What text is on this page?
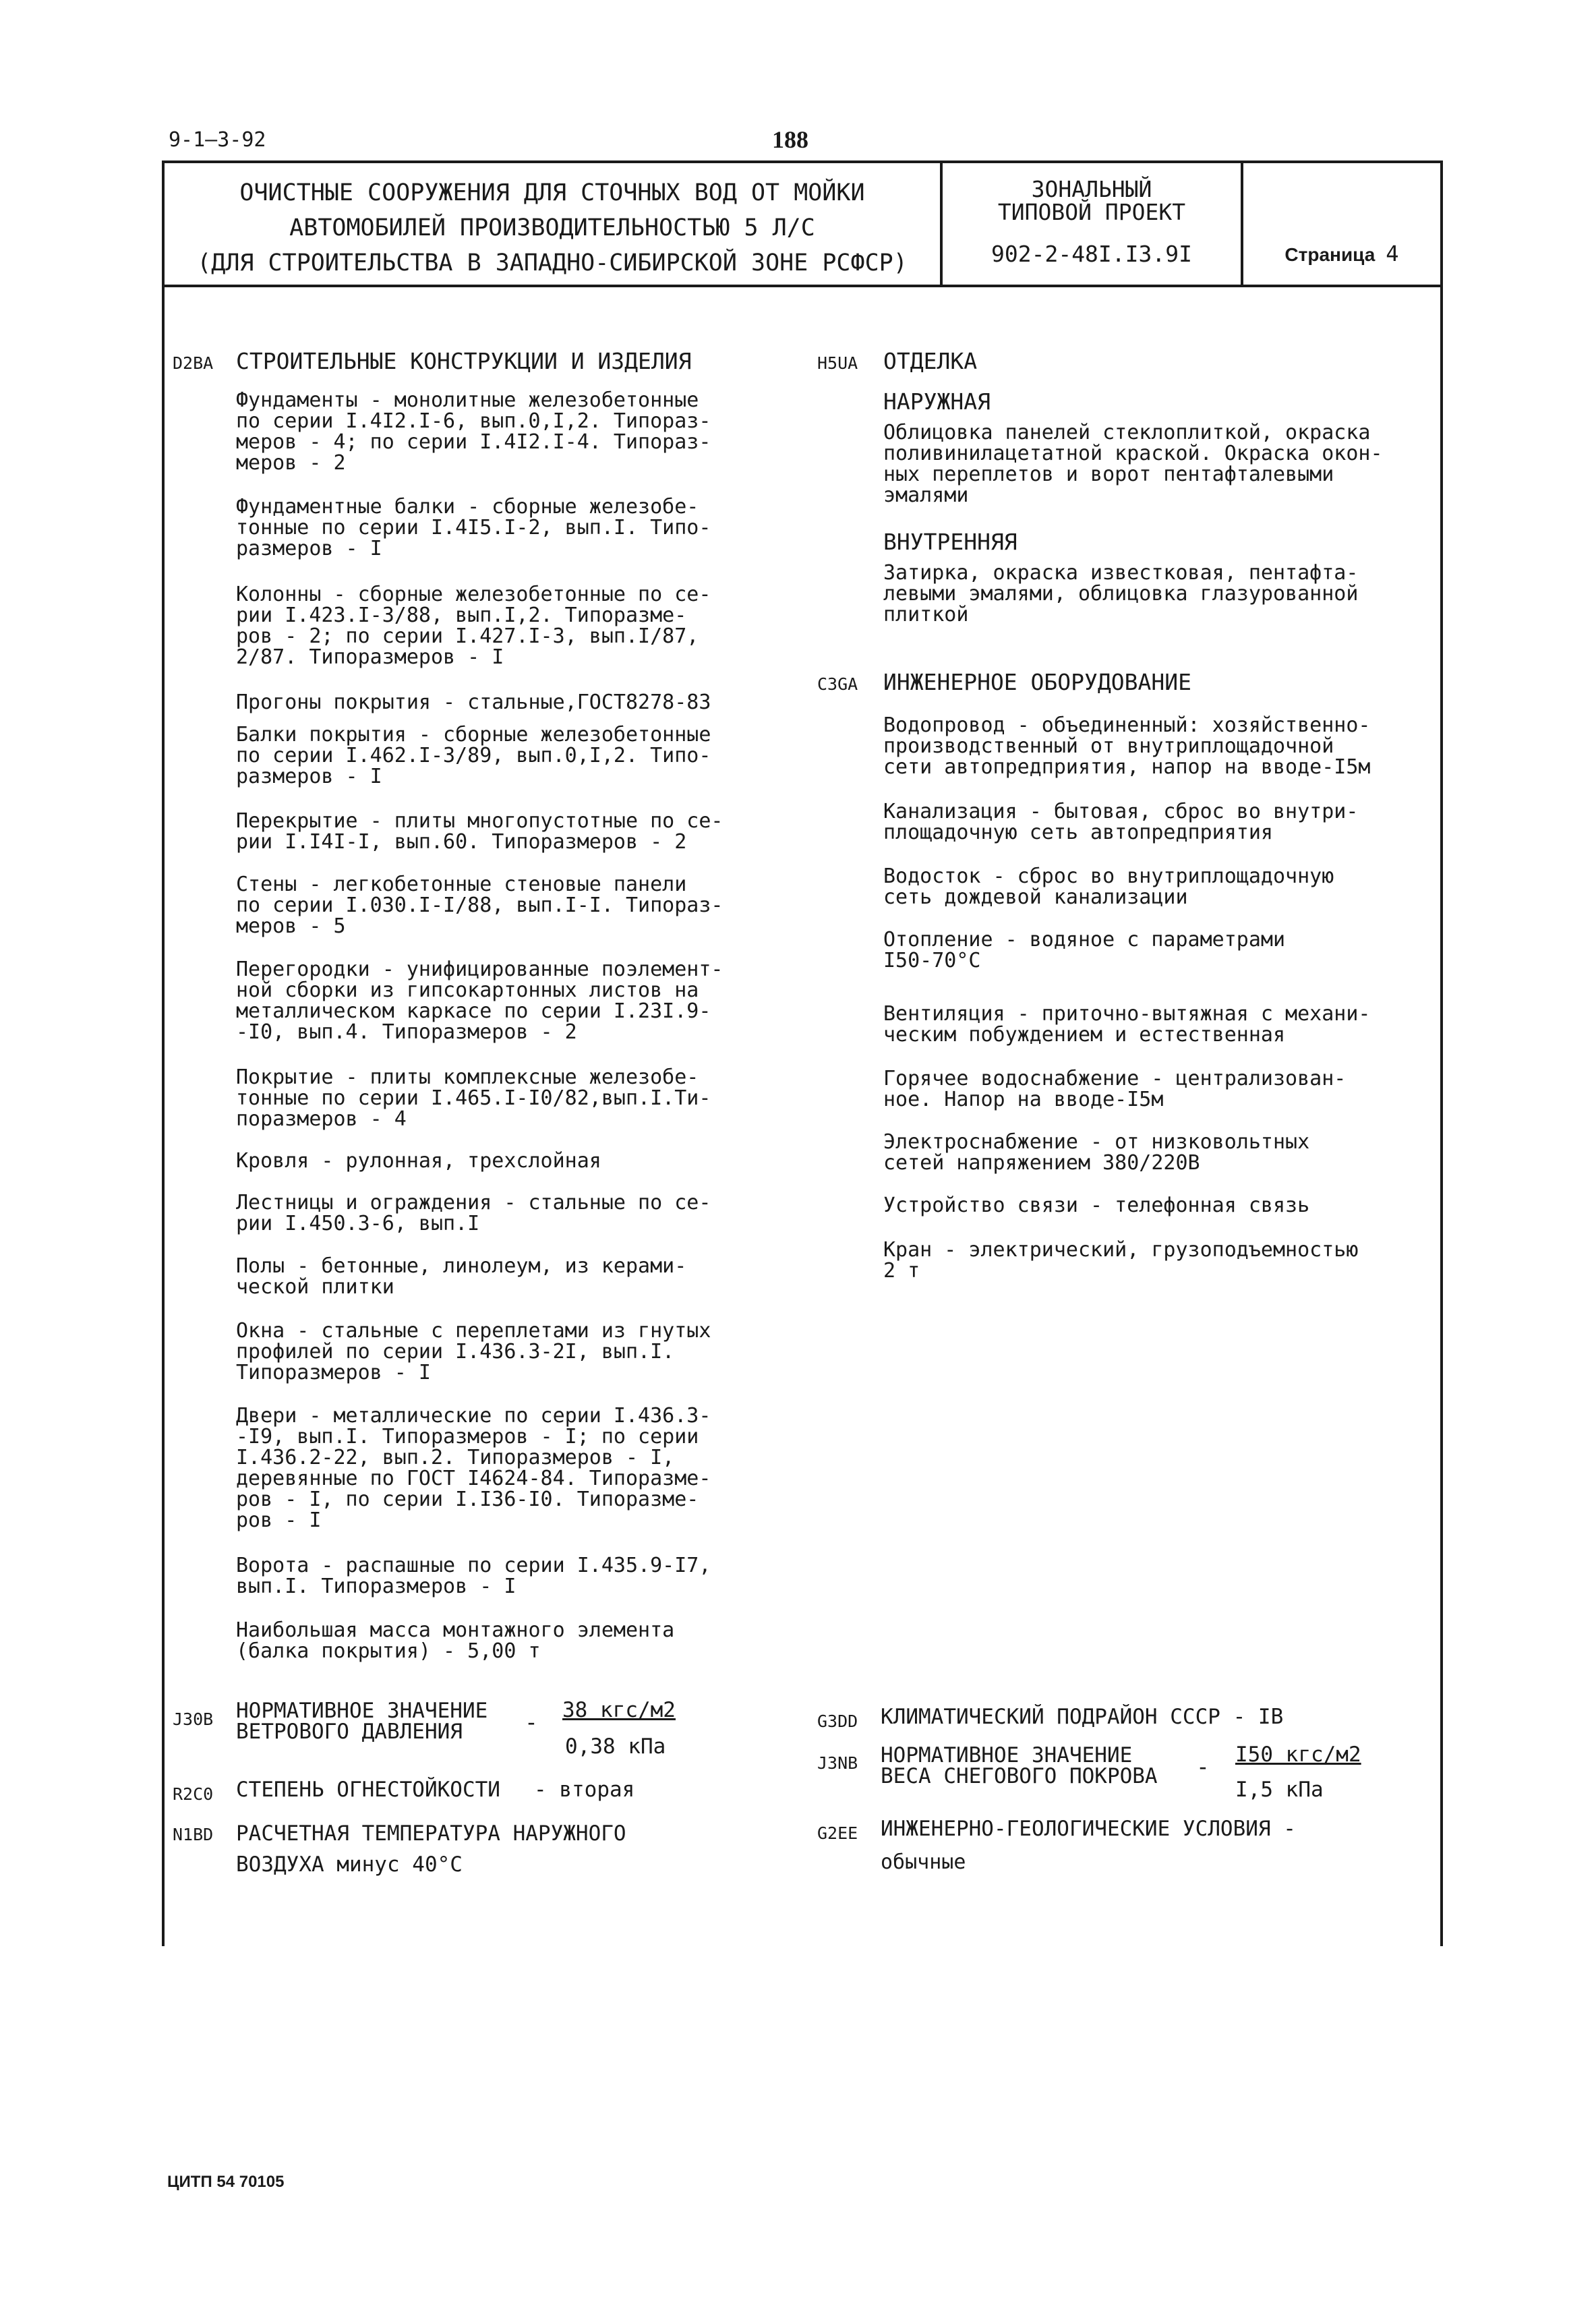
9-1—3-92	188
ОЧИСТНЫЕ СООРУЖЕНИЯ ДЛЯ СТОЧНЫХ ВОД ОТ МОЙКИ
АВТОМОБИЛЕЙ ПРОИЗВОДИТЕЛЬНОСТЬЮ 5 Л/С
(ДЛЯ СТРОИТЕЛЬСТВА В ЗАПАДНО-СИБИРСКОЙ ЗОНЕ РСФСР)
ЗОНАЛЬНЫЙ
ТИПОВОЙ ПРОЕКТ
902-2-48I.I3.9I	Страница 4
D2BA СТРОИТЕЛЬНЫЕ КОНСТРУКЦИИ И ИЗДЕЛИЯ
Фундаменты - монолитные железобетонные
по серии I.4I2.I-6, вып.0,I,2. Типораз-
меров - 4; по серии I.4I2.I-4. Типораз-
меров - 2
Фундаментные балки - сборные железобе-
тонные по серии I.4I5.I-2, вып.I. Типо-
размеров - I
Колонны - сборные железобетонные по се-
рии I.423.I-3/88, вып.I,2. Типоразме-
ров - 2; по серии I.427.I-3, вып.I/87,
2/87. Типоразмеров - I
Прогоны покрытия - стальные,ГОСТ8278-83
Балки покрытия - сборные железобетонные
по серии I.462.I-3/89, вып.0,I,2. Типо-
размеров - I
Перекрытие - плиты многопустотные по се-
рии I.I4I-I, вып.60. Типоразмеров - 2
Стены - легкобетонные стеновые панели
по серии I.030.I-I/88, вып.I-I. Типораз-
меров - 5
Перегородки - унифицированные поэлемент-
ной сборки из гипсокартонных листов на
металлическом каркасе по серии I.23I.9-
-I0, вып.4. Типоразмеров - 2
Покрытие - плиты комплексные железобе-
тонные по серии I.465.I-I0/82,вып.I.Ти-
поразмеров - 4
Кровля - рулонная, трехслойная
Лестницы и ограждения - стальные по се-
рии I.450.3-6, вып.I
Полы - бетонные, линолеум, из керами-
ческой плитки
Окна - стальные с переплетами из гнутых
профилей по серии I.436.3-2I, вып.I.
Типоразмеров - I
Двери - металлические по серии I.436.3-
-I9, вып.I. Типоразмеров - I; по серии
I.436.2-22, вып.2. Типоразмеров - I,
деревянные по ГОСТ I4624-84. Типоразме-
ров - I, по серии I.I36-I0. Типоразме-
ров - I
Ворота - распашные по серии I.435.9-I7,
вып.I. Типоразмеров - I
Наибольшая масса монтажного элемента
(балка покрытия) - 5,00 т
H5UA ОТДЕЛКА
НАРУЖНАЯ
Облицовка панелей стеклоплиткой, окраска
поливинилацетатной краской. Окраска окон-
ных переплетов и ворот пентафталевыми
эмалями
ВНУТРЕННЯЯ
Затирка, окраска известковая, пентафта-
левыми эмалями, облицовка глазурованной
плиткой
C3GA ИНЖЕНЕРНОЕ ОБОРУДОВАНИЕ
Водопровод - объединенный: хозяйственно-
производственный от внутриплощадочной
сети автопредприятия, напор на вводе-I5м
Канализация - бытовая, сброс во внутри-
площадочную сеть автопредприятия
Водосток - сброс во внутриплощадочную
сеть дождевой канализации
Отопление - водяное с параметрами
I50-70°С
Вентиляция - приточно-вытяжная с механи-
ческим побуждением и естественная
Горячее водоснабжение - централизован-
ное. Напор на вводе-I5м
Электроснабжение - от низковольтных
сетей напряжением 380/220В
Устройство связи - телефонная связь
Кран - электрический, грузоподъемностью
2 т
J30B НОРМАТИВНОЕ ЗНАЧЕНИЕ
ВЕТРОВОГО ДАВЛЕНИЯ	- 38 кгс/м2
0,38 кПа
R2C0 СТЕПЕНЬ ОГНЕСТОЙКОСТИ - вторая
N1BD РАСЧЕТНАЯ ТЕМПЕРАТУРА НАРУЖНОГО
ВОЗДУХА минус 40°С
G3DD КЛИМАТИЧЕСКИЙ ПОДРАЙОН СССР - IВ
J3NB НОРМАТИВНОЕ ЗНАЧЕНИЕ
ВЕСА СНЕГОВОГО ПОКРОВА - I50 кгс/м2
I,5 кПа
G2EE ИНЖЕНЕРНО-ГЕОЛОГИЧЕСКИЕ УСЛОВИЯ -
обычные
ЦИТП 54 70105
